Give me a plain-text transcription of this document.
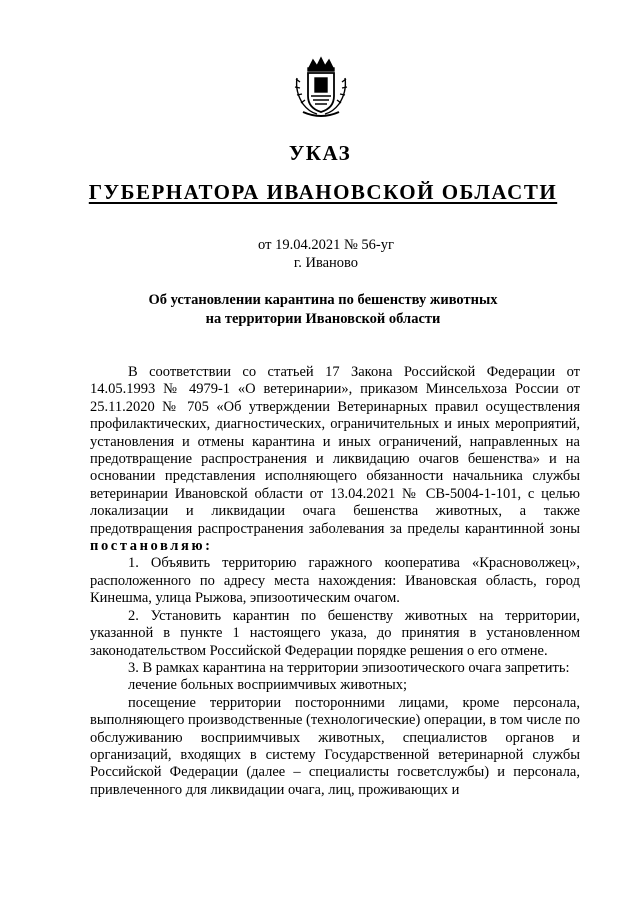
УКАЗ
ГУБЕРНАТОРА ИВАНОВСКОЙ ОБЛАСТИ
от 19.04.2021 № 56-уг
г. Иваново
Об установлении карантина по бешенству животных
на территории Ивановской области

В соответствии со статьей 17 Закона Российской Федерации от 14.05.1993 № 4979-1 «О ветеринарии», приказом Минсельхоза России от 25.11.2020 № 705 «Об утверждении Ветеринарных правил осуществления профилактических, диагностических, ограничительных и иных мероприятий, установления и отмены карантина и иных ограничений, направленных на предотвращение распространения и ликвидацию очагов бешенства» и на основании представления исполняющего обязанности начальника службы ветеринарии Ивановской области от 13.04.2021 № СВ-5004-1-101, с целью локализации и ликвидации очага бешенства животных, а также предотвращения распространения заболевания за пределы карантинной зоны постановляю:

1. Объявить территорию гаражного кооператива «Красноволжец», расположенного по адресу места нахождения: Ивановская область, город Кинешма, улица Рыжова, эпизоотическим очагом.

2. Установить карантин по бешенству животных на территории, указанной в пункте 1 настоящего указа, до принятия в установленном законодательством Российской Федерации порядке решения о его отмене.

3. В рамках карантина на территории эпизоотического очага запретить:

лечение больных восприимчивых животных;

посещение территории посторонними лицами, кроме персонала, выполняющего производственные (технологические) операции, в том числе по обслуживанию восприимчивых животных, специалистов органов и организаций, входящих в систему Государственной ветеринарной службы Российской Федерации (далее – специалисты госветслужбы) и персонала, привлеченного для ликвидации очага, лиц, проживающих и
